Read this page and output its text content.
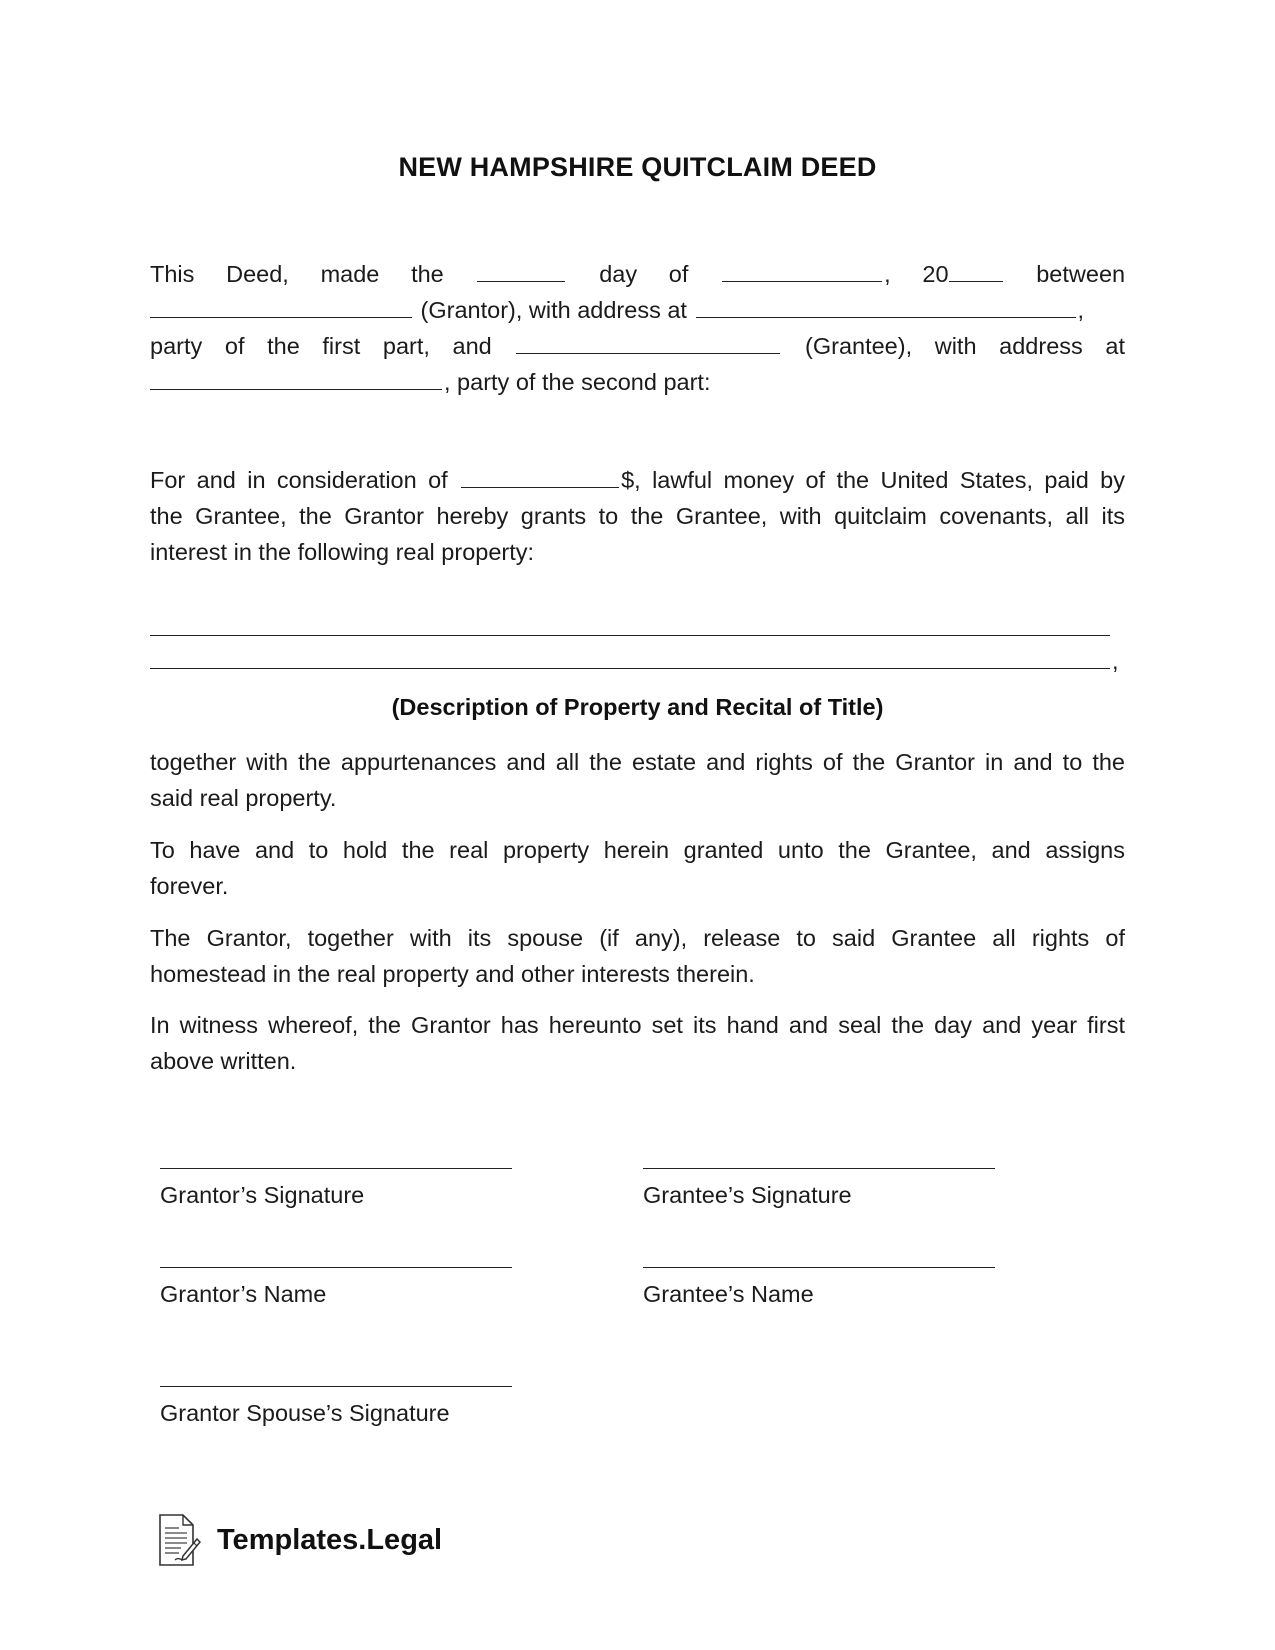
NEW HAMPSHIRE QUITCLAIM DEED
This Deed, made the	day of	, 20	between
(Grantor), with address at	,
party of the first part, and	(Grantee), with address at
, party of the second part:
For and in consideration of	$, lawful money of the United States, paid by
the Grantee, the Grantor hereby grants to the Grantee, with quitclaim covenants, all its
interest in the following real property:
,
(Description of Property and Recital of Title)
together with the appurtenances and all the estate and rights of the Grantor in and to the
said real property.
To have and to hold the real property herein granted unto the Grantee, and assigns
forever.
The Grantor, together with its spouse (if any), release to said Grantee all rights of
homestead in the real property and other interests therein.
In witness whereof, the Grantor has hereunto set its hand and seal the day and year first
above written.
Grantor’s Signature	Grantee’s Signature
Grantor’s Name	Grantee’s Name
Grantor Spouse’s Signature
Templates.Legal
